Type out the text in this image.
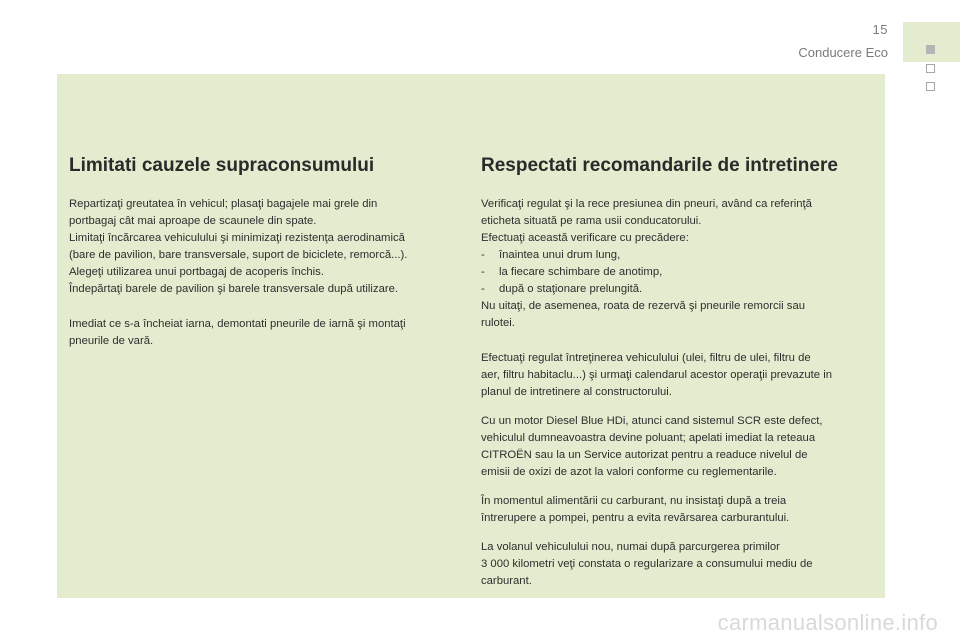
15
Conducere Eco
Limitati cauzele supraconsumului

Repartizaţi greutatea în vehicul; plasaţi bagajele mai grele din
portbagaj cât mai aproape de scaunele din spate.
Limitaţi încărcarea vehiculului şi minimizaţi rezistenţa aerodinamică
(bare de pavilion, bare transversale, suport de biciclete, remorcă...).
Alegeţi utilizarea unui portbagaj de acoperis închis.
Îndepărtaţi barele de pavilion şi barele transversale după utilizare.

Imediat ce s-a încheiat iarna, demontati pneurile de iarnă şi montaţi
pneurile de vară.

Respectati recomandarile de intretinere

Verificaţi regulat şi la rece presiunea din pneuri, având ca referinţă
eticheta situată pe rama usii conducatorului.
Efectuaţi această verificare cu precădere:
- înaintea unui drum lung,
- la fiecare schimbare de anotimp,
- după o staţionare prelungită.
Nu uitaţi, de asemenea, roata de rezervă şi pneurile remorcii sau
rulotei.

Efectuaţi regulat întreţinerea vehiculului (ulei, filtru de ulei, filtru de
aer, filtru habitaclu...) şi urmaţi calendarul acestor operaţii prevazute in
planul de intretinere al constructorului.

Cu un motor Diesel Blue HDi, atunci cand sistemul SCR este defect,
vehiculul dumneavoastra devine poluant; apelati imediat la reteaua
CITROËN sau la un Service autorizat pentru a readuce nivelul de
emisii de oxizi de azot la valori conforme cu reglementarile.

În momentul alimentării cu carburant, nu insistaţi după a treia
întrerupere a pompei, pentru a evita revărsarea carburantului.

La volanul vehiculului nou, numai după parcurgerea primilor
3 000 kilometri veţi constata o regularizare a consumului mediu de
carburant.

carmanualsonline.info
